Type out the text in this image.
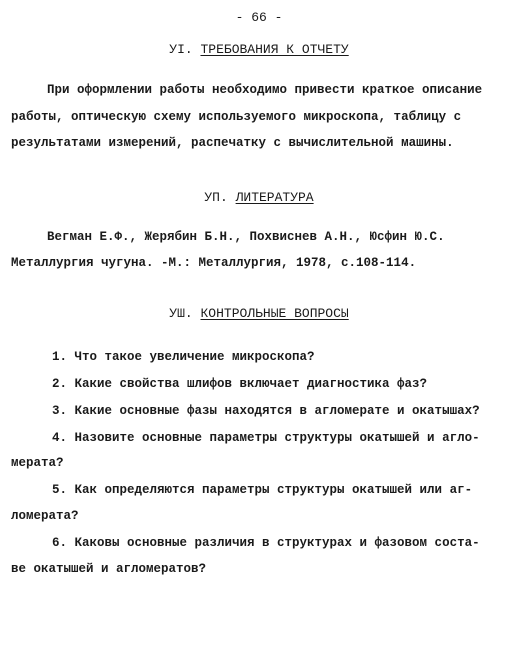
- 66 -
УI. ТРЕБОВАНИЯ К ОТЧЕТУ
При оформлении работы необходимо привести краткое описание
работы, оптическую схему используемого микроскопа, таблицу с
результатами измерений, распечатку с вычислительной машины.
УП. ЛИТЕРАТУРА
Вегман Е.Ф., Жерябин Б.Н., Похвиснев А.Н., Юсфин Ю.С.
Металлургия чугуна. -М.: Металлургия, 1978, с.108-114.
УШ. КОНТРОЛЬНЫЕ ВОПРОСЫ
1. Что такое увеличение микроскопа?
2. Какие свойства шлифов включает диагностика фаз?
3. Какие основные фазы находятся в агломерате и окатышах?
4. Назовите основные параметры структуры окатышей и агло-
мерата?
5. Как определяются параметры структуры окатышей или аг-
ломерата?
6. Каковы основные различия в структурах и фазовом соста-
ве окатышей и агломератов?
